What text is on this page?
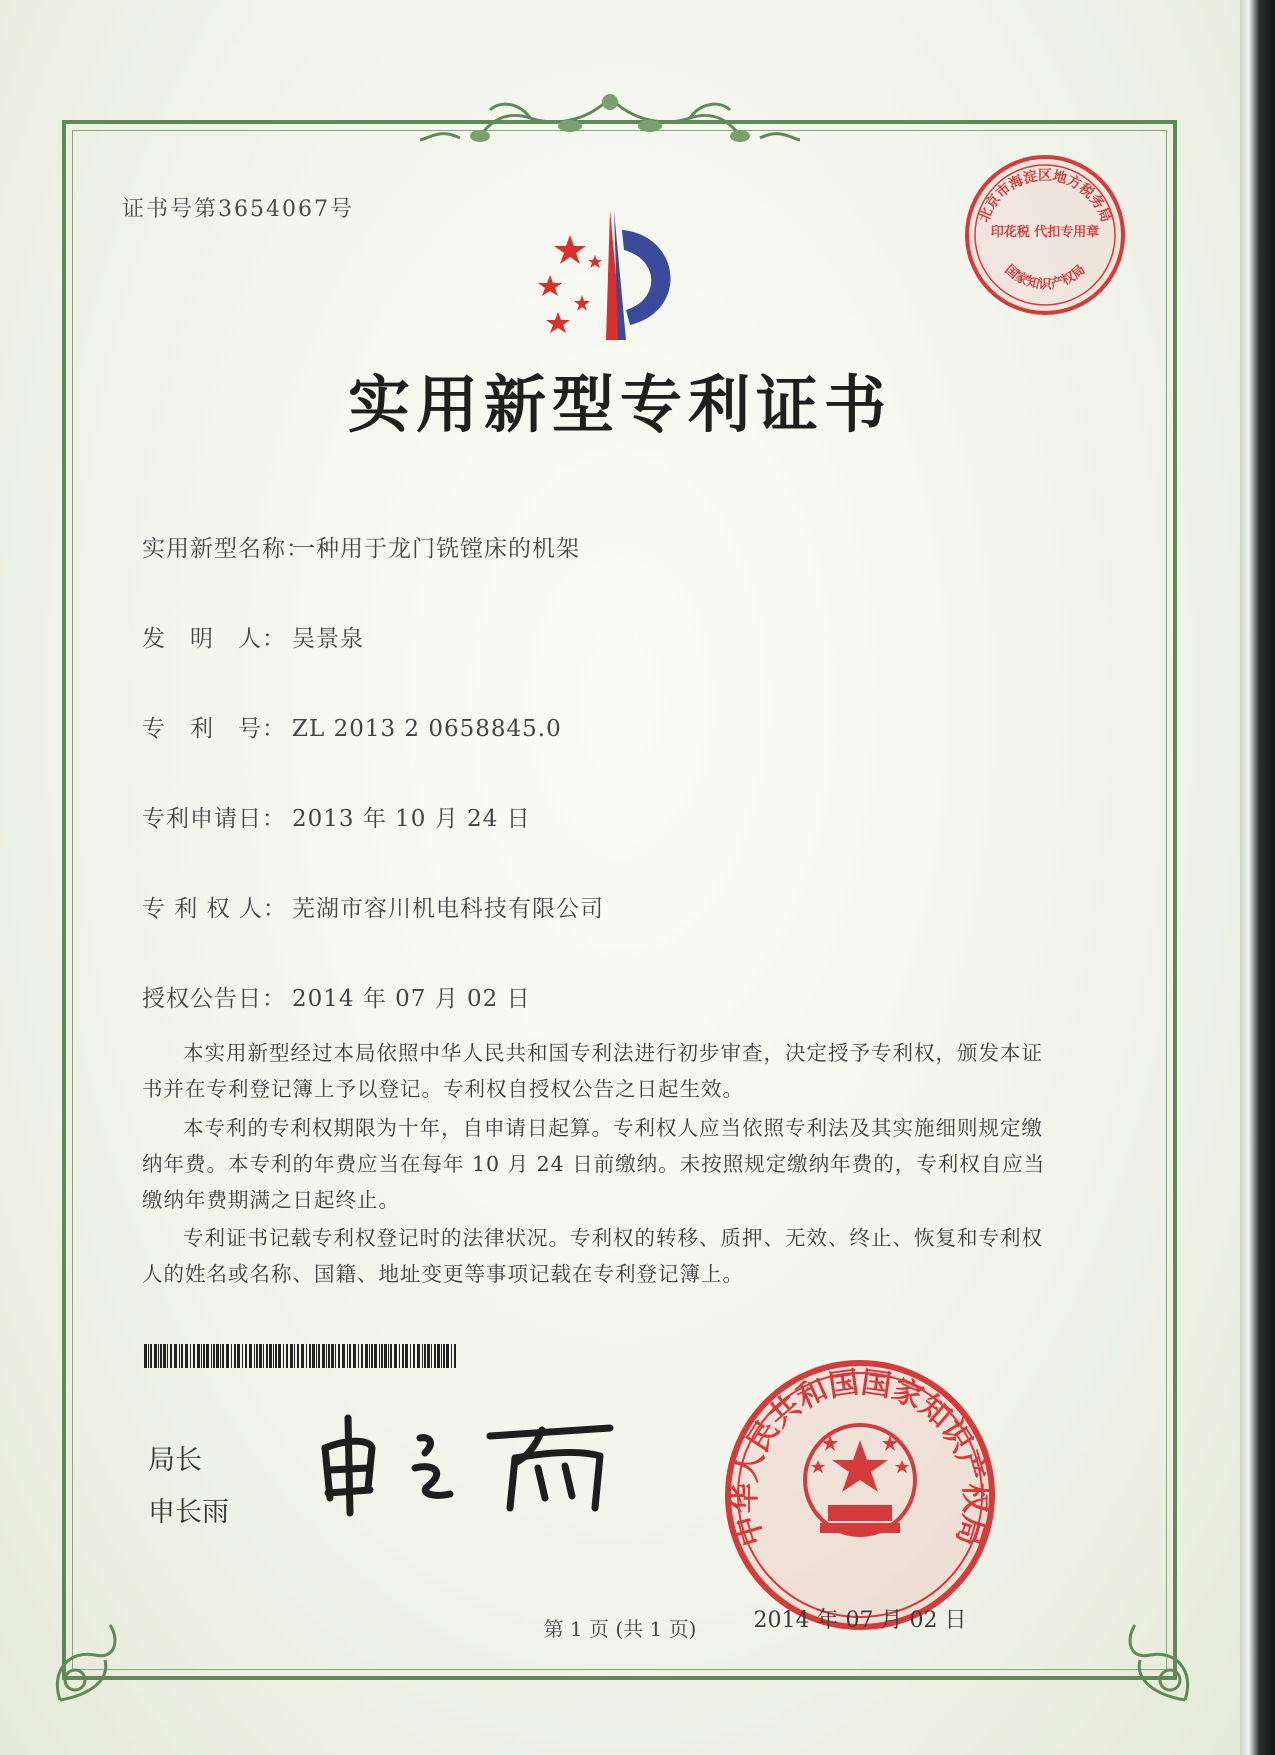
证书号第3654067号	北京市海淀区地方税务局
印花税 代扣专用章
国家知识产权局
实用新型专利证书
实用新型名称：一种用于龙门铣镗床的机架
发　明　人： 吴景泉
专　利　号： ZL 2013 2 0658845.0
专利申请日： 2013 年 10 月 24 日
专 利 权 人： 芜湖市容川机电科技有限公司
授权公告日： 2014 年 07 月 02 日
本实用新型经过本局依照中华人民共和国专利法进行初步审查，决定授予专利权，颁发本证书并在专利登记簿上予以登记。专利权自授权公告之日起生效。
本专利的专利权期限为十年，自申请日起算。专利权人应当依照专利法及其实施细则规定缴纳年费。本专利的年费应当在每年 10 月 24 日前缴纳。未按照规定缴纳年费的，专利权自应当缴纳年费期满之日起终止。
专利证书记载专利权登记时的法律状况。专利权的转移、质押、无效、终止、恢复和专利权人的姓名或名称、国籍、地址变更等事项记载在专利登记簿上。
局长
申长雨	中华人民共和国国家知识产权局
2014 年 07 月 02 日
第 1 页 (共 1 页)
